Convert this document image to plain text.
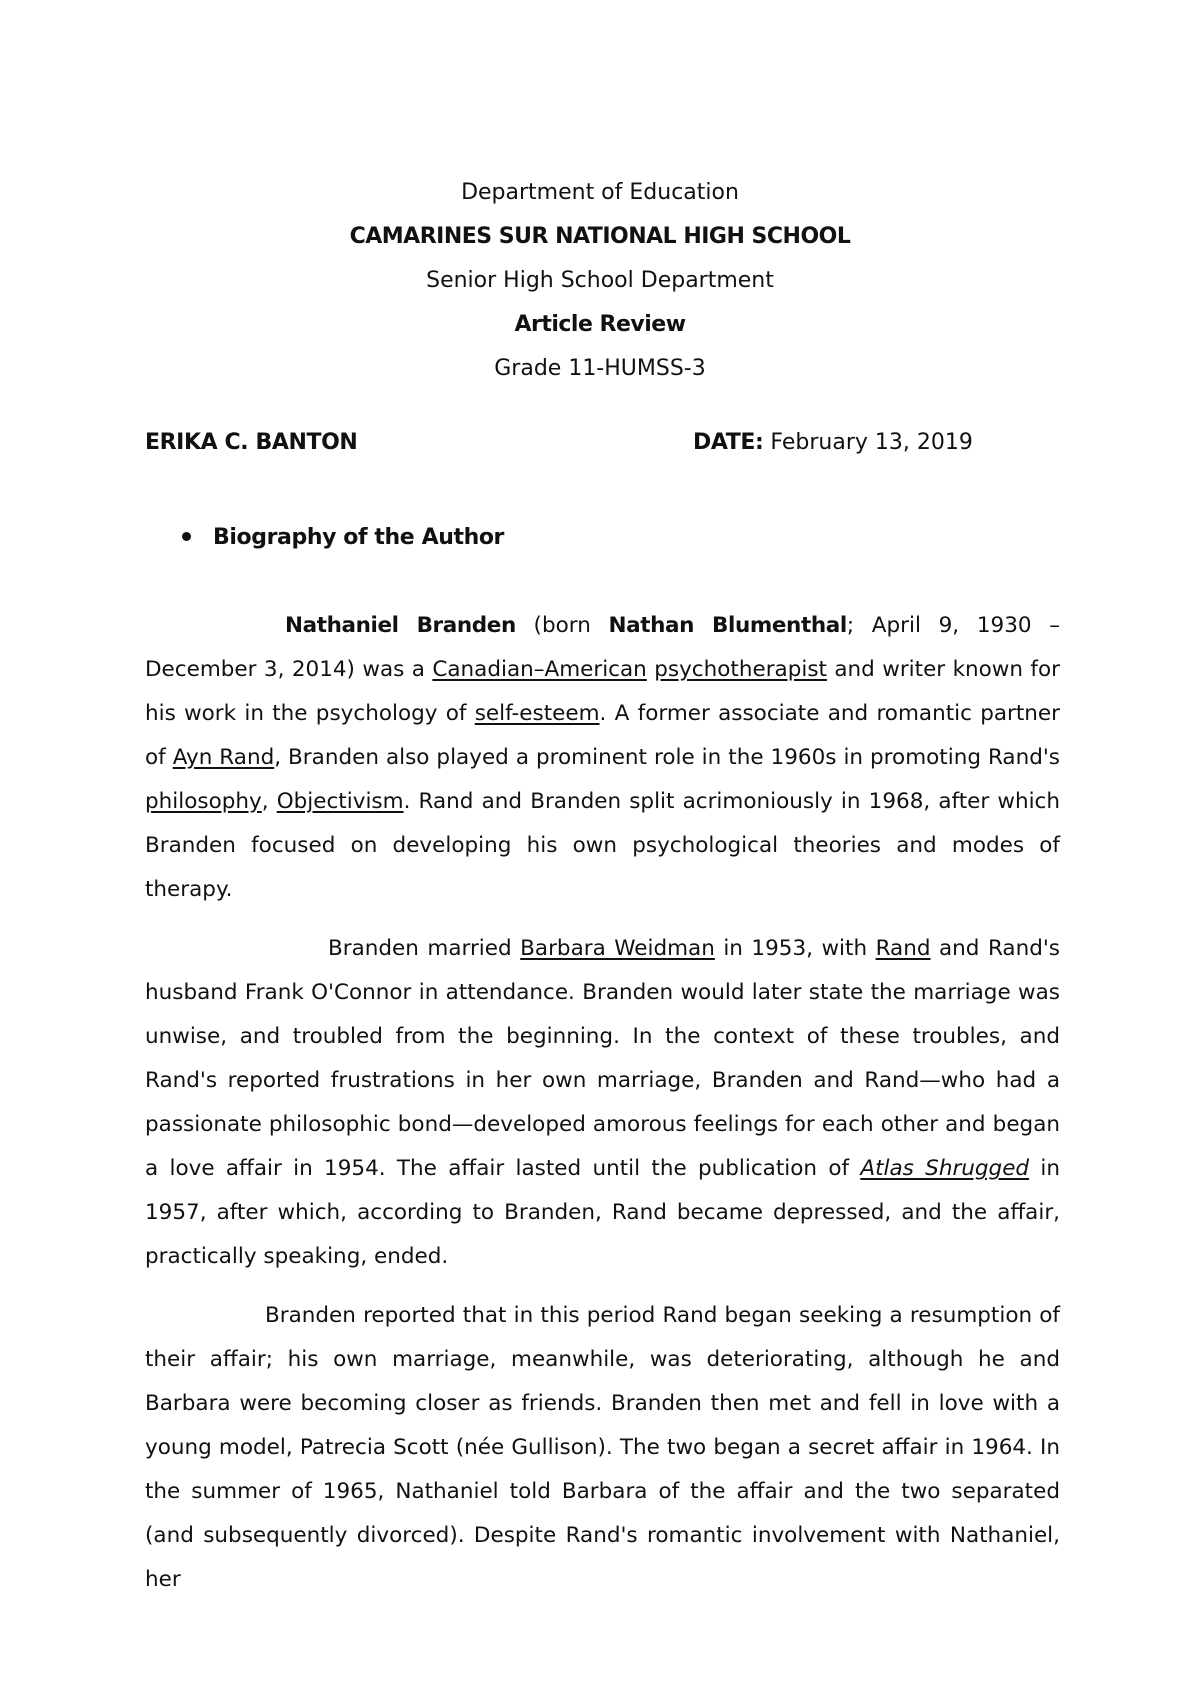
Department of Education
CAMARINES SUR NATIONAL HIGH SCHOOL
Senior High School Department
Article Review
Grade 11-HUMSS-3
ERIKA C. BANTON	DATE: February 13, 2019
Biography of the Author

Nathaniel Branden (born Nathan Blumenthal; April 9, 1930 – December 3, 2014) was a Canadian–American psychotherapist and writer known for his work in the psychology of self-esteem. A former associate and romantic partner of Ayn Rand, Branden also played a prominent role in the 1960s in promoting Rand's philosophy, Objectivism. Rand and Branden split acrimoniously in 1968, after which Branden focused on developing his own psychological theories and modes of therapy.

Branden married Barbara Weidman in 1953, with Rand and Rand's husband Frank O'Connor in attendance. Branden would later state the marriage was unwise, and troubled from the beginning. In the context of these troubles, and Rand's reported frustrations in her own marriage, Branden and Rand—who had a passionate philosophic bond—developed amorous feelings for each other and began a love affair in 1954. The affair lasted until the publication of Atlas Shrugged in 1957, after which, according to Branden, Rand became depressed, and the affair, practically speaking, ended.

Branden reported that in this period Rand began seeking a resumption of their affair; his own marriage, meanwhile, was deteriorating, although he and Barbara were becoming closer as friends. Branden then met and fell in love with a young model, Patrecia Scott (née Gullison). The two began a secret affair in 1964. In the summer of 1965, Nathaniel told Barbara of the affair and the two separated (and subsequently divorced). Despite Rand's romantic involvement with Nathaniel, her
